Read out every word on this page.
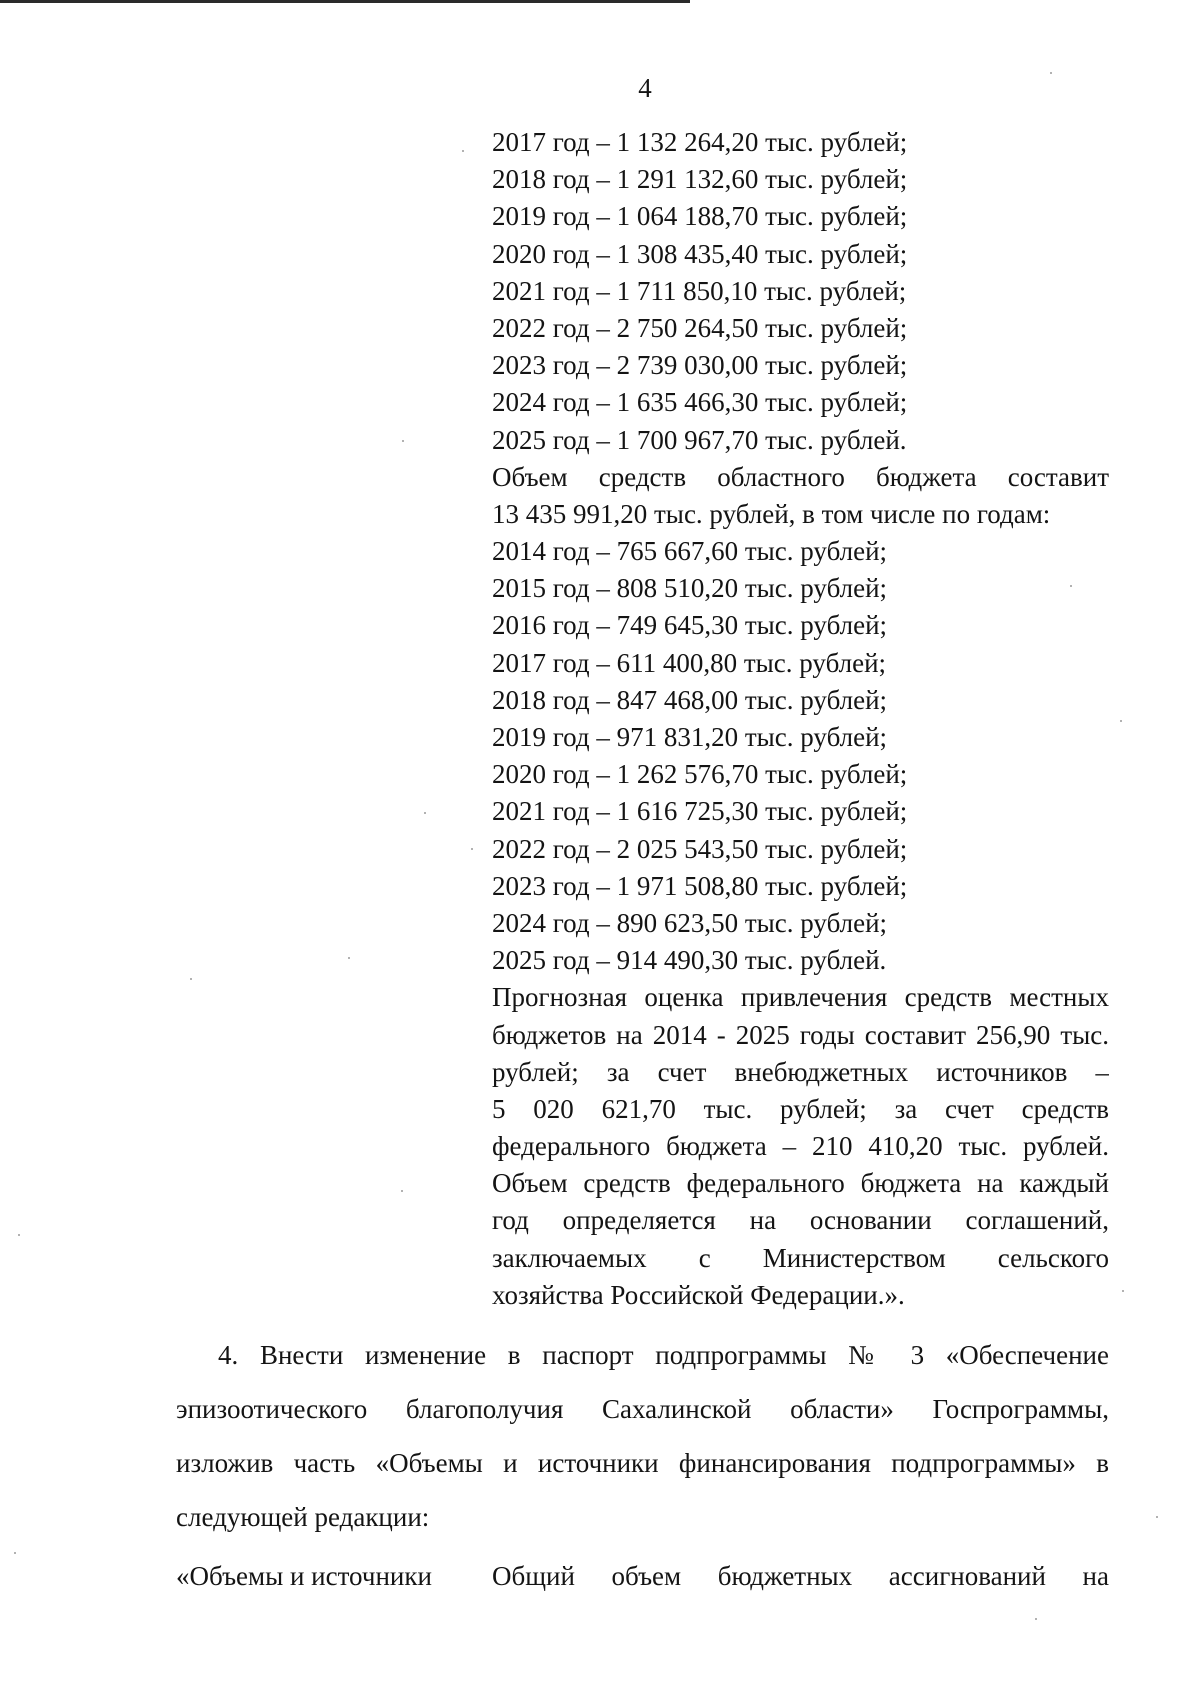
4
2017 год – 1 132 264,20 тыс. рублей;
2018 год – 1 291 132,60 тыс. рублей;
2019 год – 1 064 188,70 тыс. рублей;
2020 год – 1 308 435,40 тыс. рублей;
2021 год – 1 711 850,10 тыс. рублей;
2022 год – 2 750 264,50 тыс. рублей;
2023 год – 2 739 030,00 тыс. рублей;
2024 год – 1 635 466,30 тыс. рублей;
2025 год – 1 700 967,70 тыс. рублей.
Объем средств областного бюджета составит
13 435 991,20 тыс. рублей, в том числе по годам:
2014 год – 765 667,60 тыс. рублей;
2015 год – 808 510,20 тыс. рублей;
2016 год – 749 645,30 тыс. рублей;
2017 год – 611 400,80 тыс. рублей;
2018 год – 847 468,00 тыс. рублей;
2019 год – 971 831,20 тыс. рублей;
2020 год – 1 262 576,70 тыс. рублей;
2021 год – 1 616 725,30 тыс. рублей;
2022 год – 2 025 543,50 тыс. рублей;
2023 год – 1 971 508,80 тыс. рублей;
2024 год – 890 623,50 тыс. рублей;
2025 год – 914 490,30 тыс. рублей.
Прогнозная оценка привлечения средств местных
бюджетов на 2014 - 2025 годы составит 256,90 тыс.
рублей; за счет внебюджетных источников –
5 020 621,70 тыс. рублей; за счет средств
федерального бюджета – 210 410,20 тыс. рублей.
Объем средств федерального бюджета на каждый
год определяется на основании соглашений,
заключаемых с Министерством сельского
хозяйства Российской Федерации.».
4. Внести изменение в паспорт подпрограммы № 3 «Обеспечение
эпизоотического благополучия Сахалинской области» Госпрограммы,
изложив часть «Объемы и источники финансирования подпрограммы» в
следующей редакции:
«Объемы и источники Общий объем бюджетных ассигнований на
